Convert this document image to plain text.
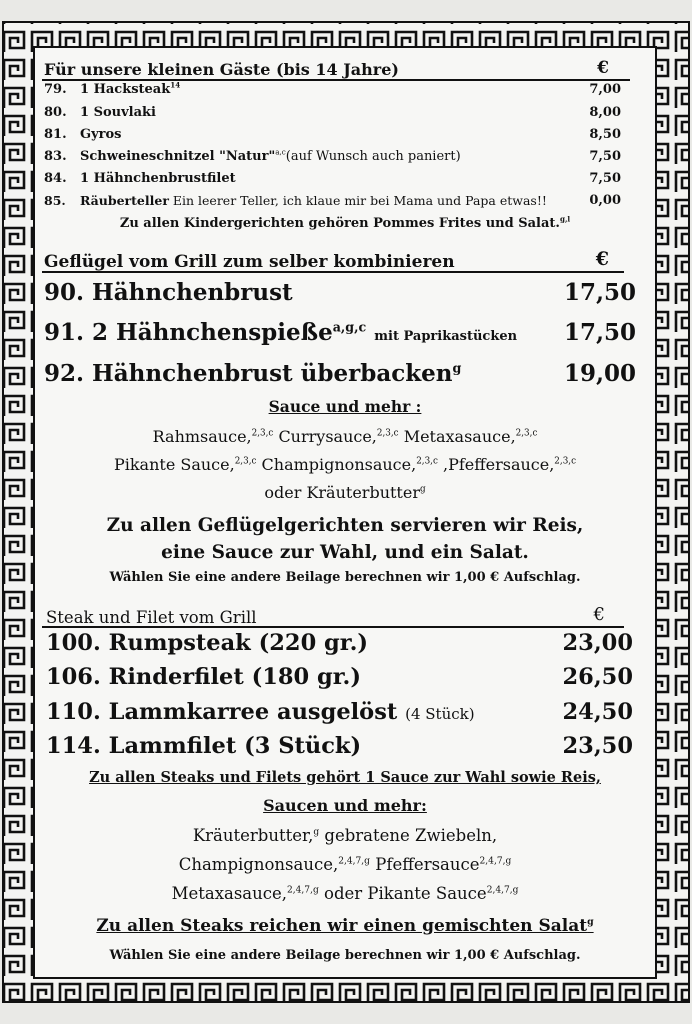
Für unsere kleinen Gäste (bis 14 Jahre)	€
79. 1 Hacksteak$^{14}$	7,00
80. 1 Souvlaki	8,00
81. Gyros	8,50
83. Schweineschnitzel "Natur"$^{a,c}$(auf Wunsch auch paniert)	7,50
84. 1 Hähnchenbrustfilet	7,50
85. Räuberteller Ein leerer Teller, ich klaue mir bei Mama und Papa etwas!!	0,00
Zu allen Kindergerichten gehören Pommes Frites und Salat.$^{g,l}$
Geflügel vom Grill zum selber kombinieren	€
90. Hähnchenbrust	17,50
91. 2 Hähnchenspieße$^{a,g,c}$ mit Paprikastücken 17,50
92. Hähnchenbrust überbacken$^g$	19,00
Sauce und mehr :
Rahmsauce,$^{2,3,c}$ Currysauce,$^{2,3,c}$ Metaxasauce,$^{2,3,c}$
Pikante Sauce,$^{2,3,c}$ Champignonsauce,$^{2,3,c}$ ,Pfeffersauce,$^{2,3,c}$
oder Kräuterbutter$^g$
Zu allen Geflügelgerichten servieren wir Reis,
eine Sauce zur Wahl, und ein Salat.
Wählen Sie eine andere Beilage berechnen wir 1,00 € Aufschlag.
Steak und Filet vom Grill	€
100. Rumpsteak (220 gr.)	23,00
106. Rinderfilet (180 gr.)	26,50
110. Lammkarree ausgelöst (4 Stück)	24,50
114. Lammfilet (3 Stück)	23,50
Zu allen Steaks und Filets gehört 1 Sauce zur Wahl sowie Reis,
Saucen und mehr:
Kräuterbutter,$^g$ gebratene Zwiebeln,
Champignonsauce,$^{2,4,7,g}$ Pfeffersauce$^{2,4,7,g}$
Metaxasauce,$^{2,4,7,g}$ oder Pikante Sauce$^{2,4,7,g}$
Zu allen Steaks reichen wir einen gemischten Salat$^g$
Wählen Sie eine andere Beilage berechnen wir 1,00 € Aufschlag.
